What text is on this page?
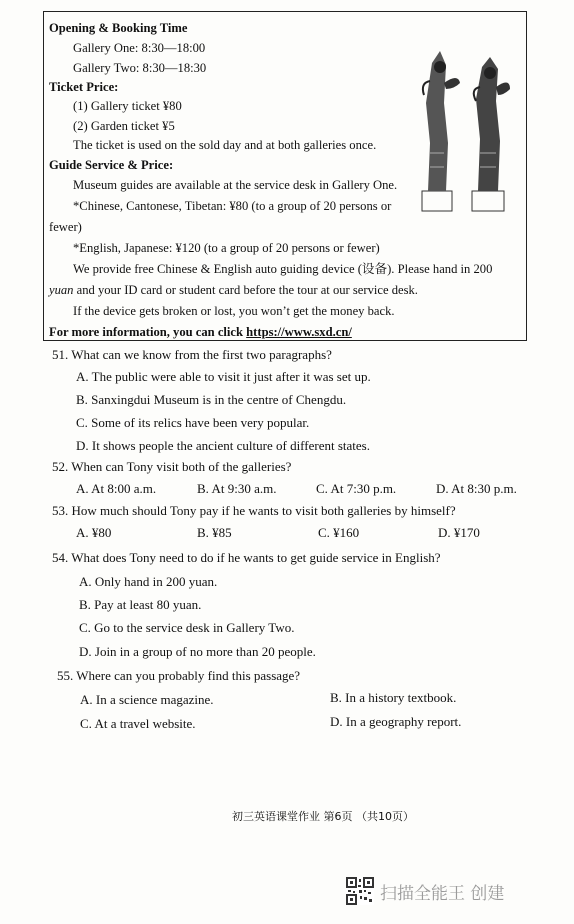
Opening & Booking Time
Gallery One: 8:30—18:00
Gallery Two: 8:30—18:30
Ticket Price:
(1) Gallery ticket ¥80
(2) Garden ticket ¥5
The ticket is used on the sold day and at both galleries once.
Guide Service & Price:
Museum guides are available at the service desk in Gallery One.
*Chinese, Cantonese, Tibetan: ¥80 (to a group of 20 persons or
fewer)
*English, Japanese: ¥120 (to a group of 20 persons or fewer)
We provide free Chinese & English auto guiding device (设备). Please hand in 200
yuan and your ID card or student card before the tour at our service desk.
If the device gets broken or lost, you won’t get the money back.
For more information, you can click https://www.sxd.cn/
51. What can we know from the first two paragraphs?
A. The public were able to visit it just after it was set up.
B. Sanxingdui Museum is in the centre of Chengdu.
C. Some of its relics have been very popular.
D. It shows people the ancient culture of different states.
52. When can Tony visit both of the galleries?
A. At 8:00 a.m.	B. At 9:30 a.m.	C. At 7:30 p.m.	D. At 8:30 p.m.
53. How much should Tony pay if he wants to visit both galleries by himself?
A. ¥80	B. ¥85	C. ¥160	D. ¥170
54. What does Tony need to do if he wants to get guide service in English?
A. Only hand in 200 yuan.
B. Pay at least 80 yuan.
C. Go to the service desk in Gallery Two.
D. Join in a group of no more than 20 people.
55. Where can you probably find this passage?
A. In a science magazine.	B. In a history textbook.
C. At a travel website.	D. In a geography report.
初三英语课堂作业 第6页 （共10页）
扫描全能王 创建
